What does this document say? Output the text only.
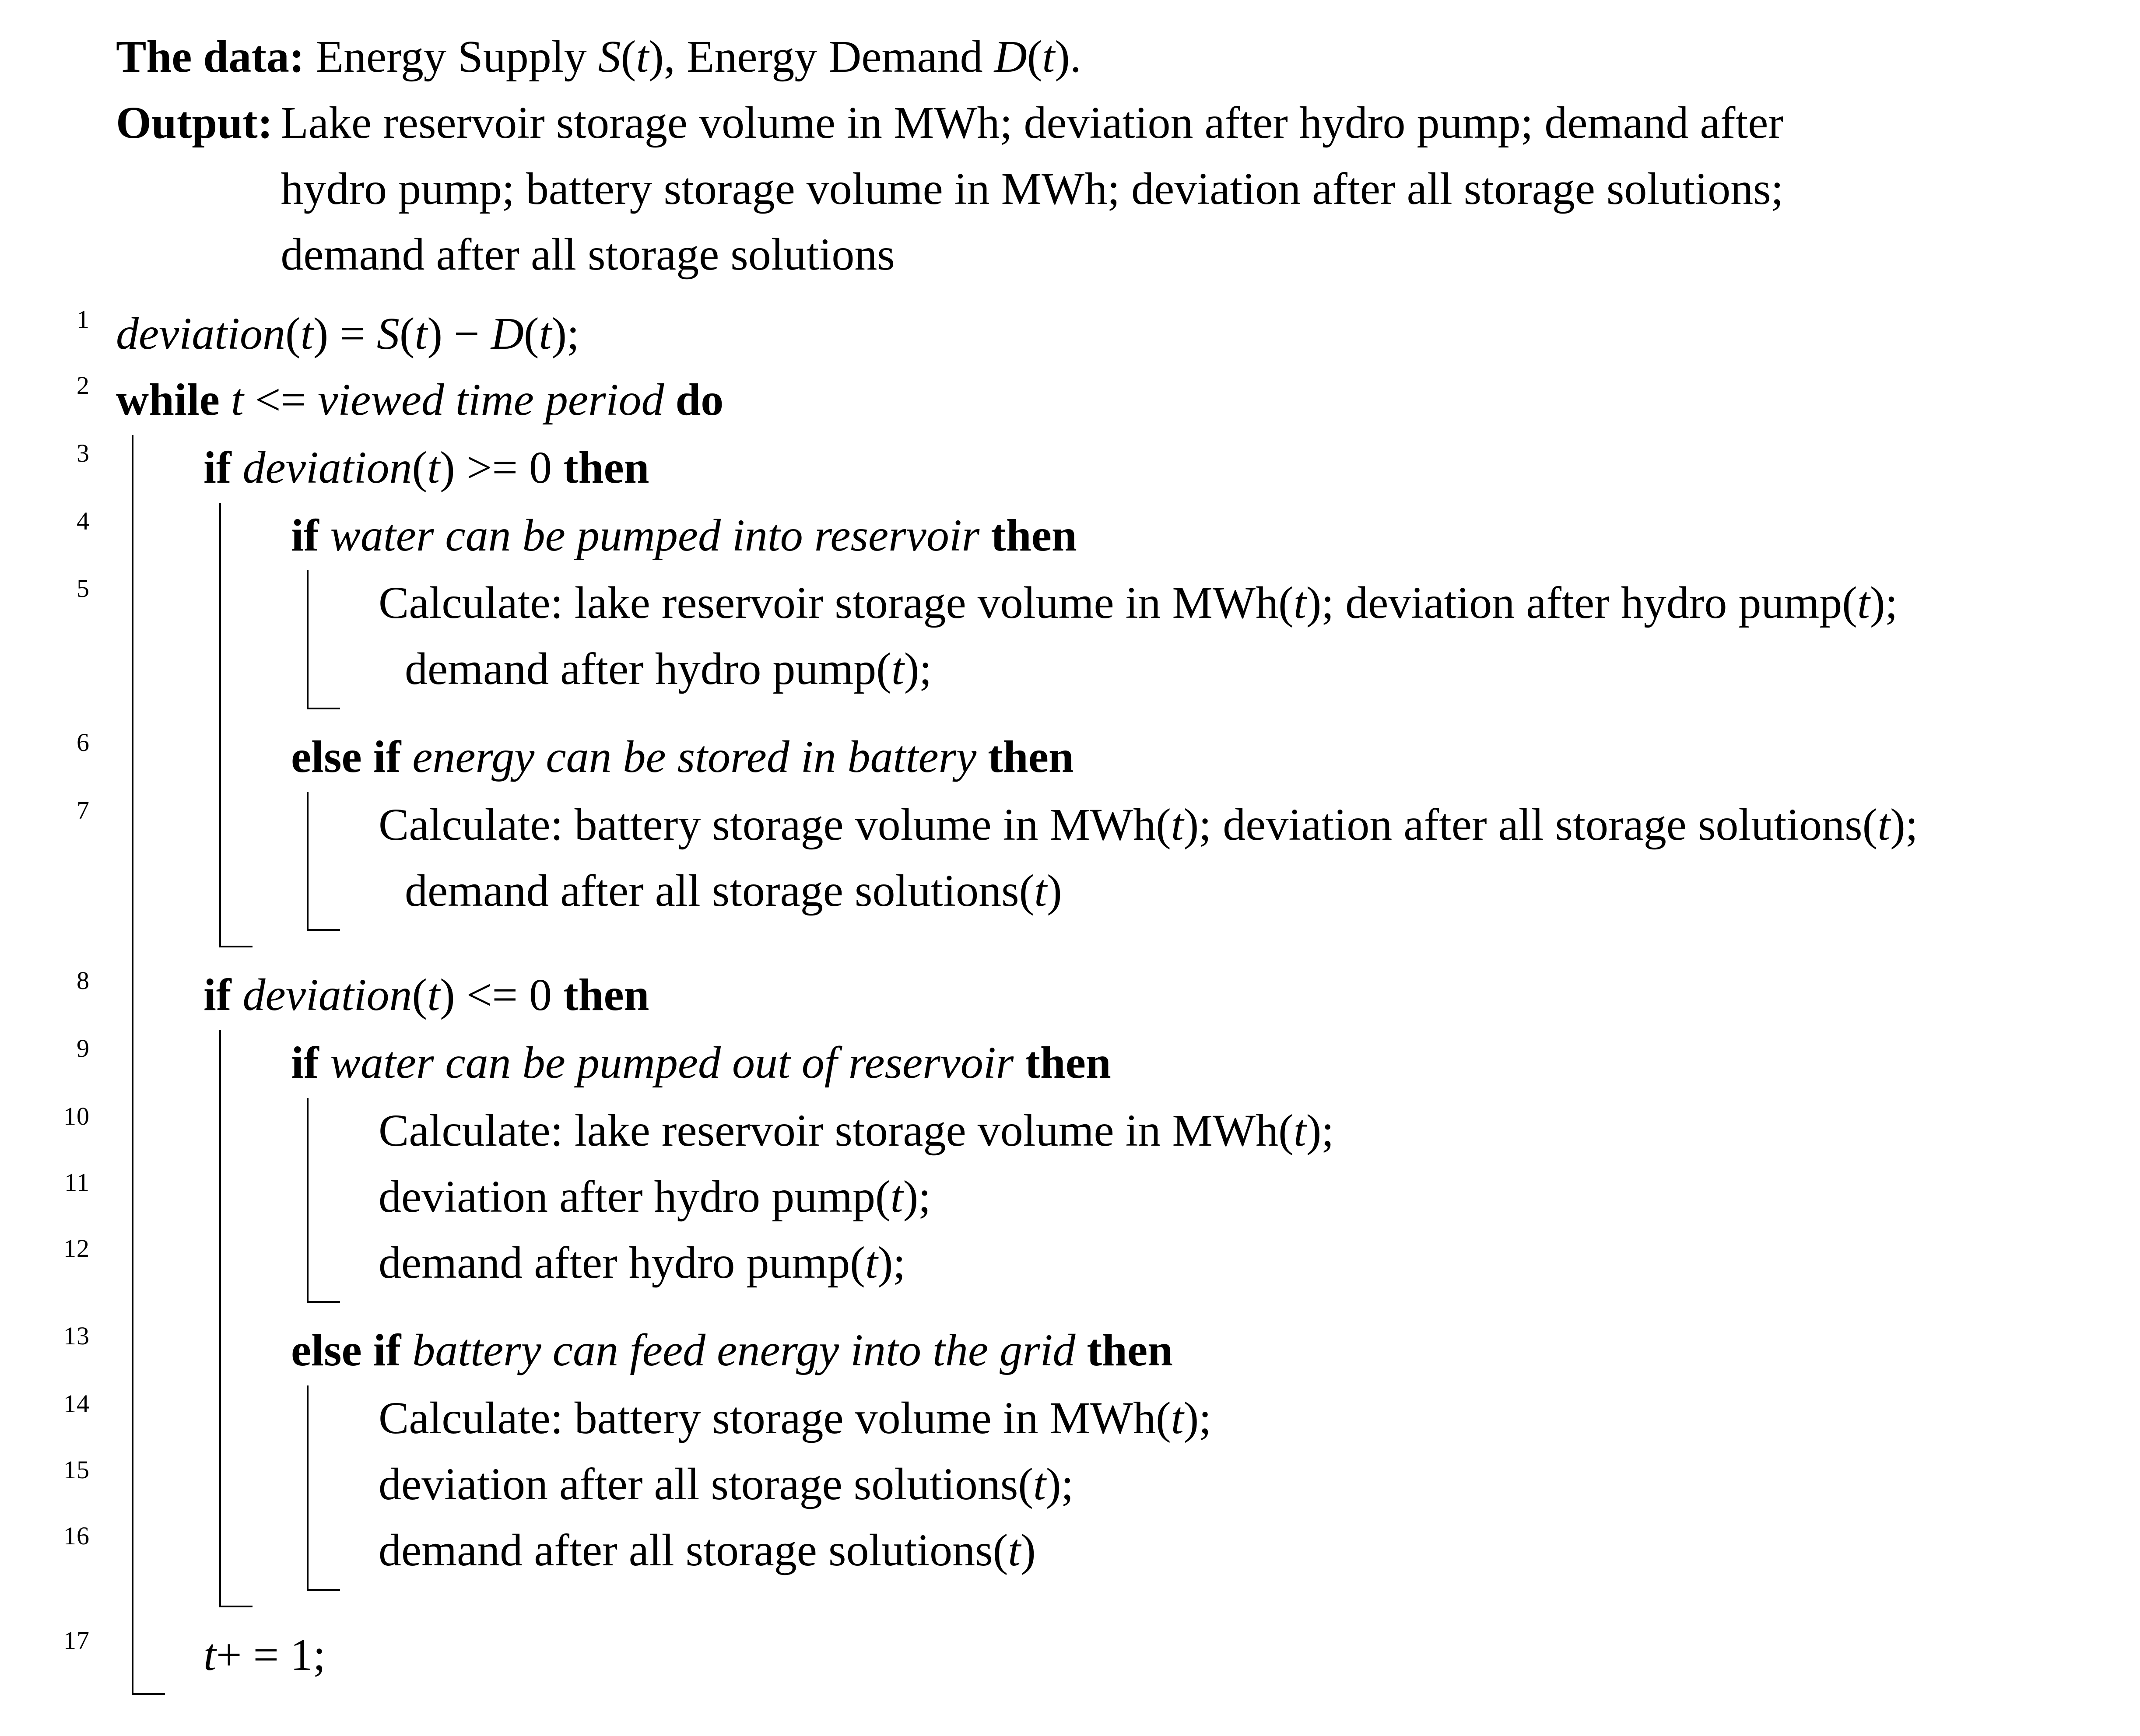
The data: Energy Supply S(t), Energy Demand D(t).
Output: Lake reservoir storage volume in MWh; deviation after hydro pump; demand after hydro pump; battery storage volume in MWh; deviation after all storage solutions; demand after all storage solutions
1 deviation(t) = S(t) − D(t);
2 while t <= viewed time period do
3	if deviation(t) >= 0 then
4	if water can be pumped into reservoir then
5	Calculate: lake reservoir storage volume in MWh(t); deviation after hydro pump(t); demand after hydro pump(t);
6	else if energy can be stored in battery then
7	Calculate: battery storage volume in MWh(t); deviation after all storage solutions(t); demand after all storage solutions(t)
8	if deviation(t) <= 0 then
9	if water can be pumped out of reservoir then
10	Calculate: lake reservoir storage volume in MWh(t);
11	deviation after hydro pump(t);
12	demand after hydro pump(t);
13	else if battery can feed energy into the grid then
14	Calculate: battery storage volume in MWh(t);
15	deviation after all storage solutions(t);
16	demand after all storage solutions(t)
17	t+ = 1;
